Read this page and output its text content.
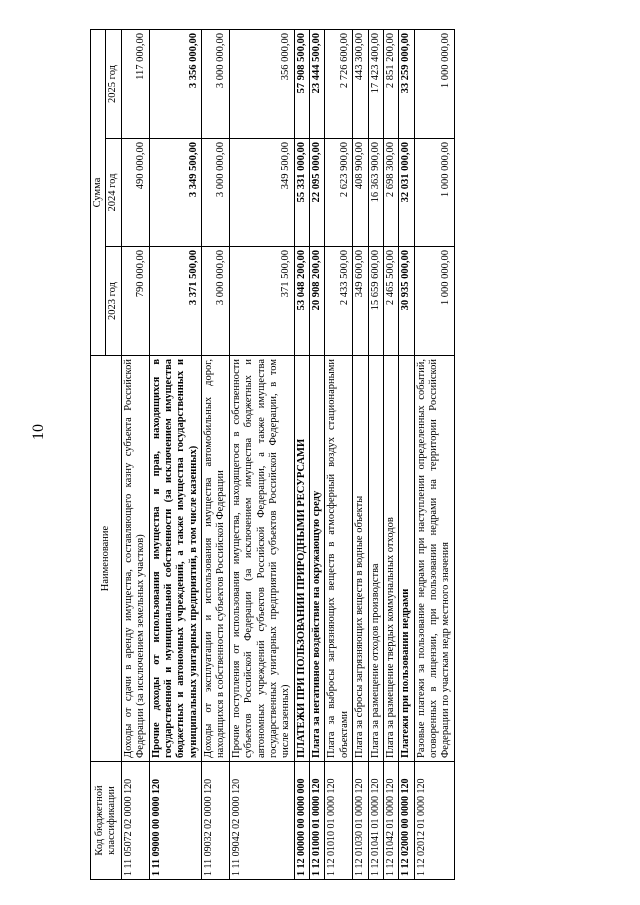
10
Код бюджетной классификации	Наименование	Сумма		
		2023 год	2024 год	2025 год
1 11 05072 02 0000 120	Доходы от сдачи в аренду имущества, составляющего казну субъекта Российской Федерации (за исключением земельных участков)	790 000,00	490 000,00	117 000,00
1 11 09000 00 0000 120	Прочие доходы от использования имущества и прав, находящихся в государственной и муниципальной собственности (за исключением имущества бюджетных и автономных учреждений, а также имущества государственных и муниципальных унитарных предприятий, в том числе казенных)	3 371 500,00	3 349 500,00	3 356 000,00
1 11 09032 02 0000 120	Доходы от эксплуатации и использования имущества автомобильных дорог, находящихся в собственности субъектов Российской Федерации	3 000 000,00	3 000 000,00	3 000 000,00
1 11 09042 02 0000 120	Прочие поступления от использования имущества, находящегося в собственности субъектов Российской Федерации (за исключением имущества бюджетных и автономных учреждений субъектов Российской Федерации, а также имущества государственных унитарных предприятий субъектов Российской Федерации, в том числе казенных)	371 500,00	349 500,00	356 000,00
1 12 00000 00 0000 000	ПЛАТЕЖИ ПРИ ПОЛЬЗОВАНИИ ПРИРОДНЫМИ РЕСУРСАМИ	53 048 200,00	55 331 000,00	57 908 500,00
1 12 01000 01 0000 120	Плата за негативное воздействие на окружающую среду	20 908 200,00	22 095 000,00	23 444 500,00
1 12 01010 01 0000 120	Плата за выбросы загрязняющих веществ в атмосферный воздух стационарными объектами	2 433 500,00	2 623 900,00	2 726 600,00
1 12 01030 01 0000 120	Плата за сбросы загрязняющих веществ в водные объекты	349 600,00	408 900,00	443 300,00
1 12 01041 01 0000 120	Плата за размещение отходов производства	15 659 600,00	16 363 900,00	17 423 400,00
1 12 01042 01 0000 120	Плата за размещение твердых коммунальных отходов	2 465 500,00	2 698 300,00	2 851 200,00
1 12 02000 00 0000 120	Платежи при пользовании недрами	30 935 000,00	32 031 000,00	33 259 000,00
1 12 02012 01 0000 120	Разовые платежи за пользование недрами при наступлении определенных событий, оговоренных в лицензии, при пользовании недрами на территории Российской Федерации по участкам недр местного значения	1 000 000,00	1 000 000,00	1 000 000,00
